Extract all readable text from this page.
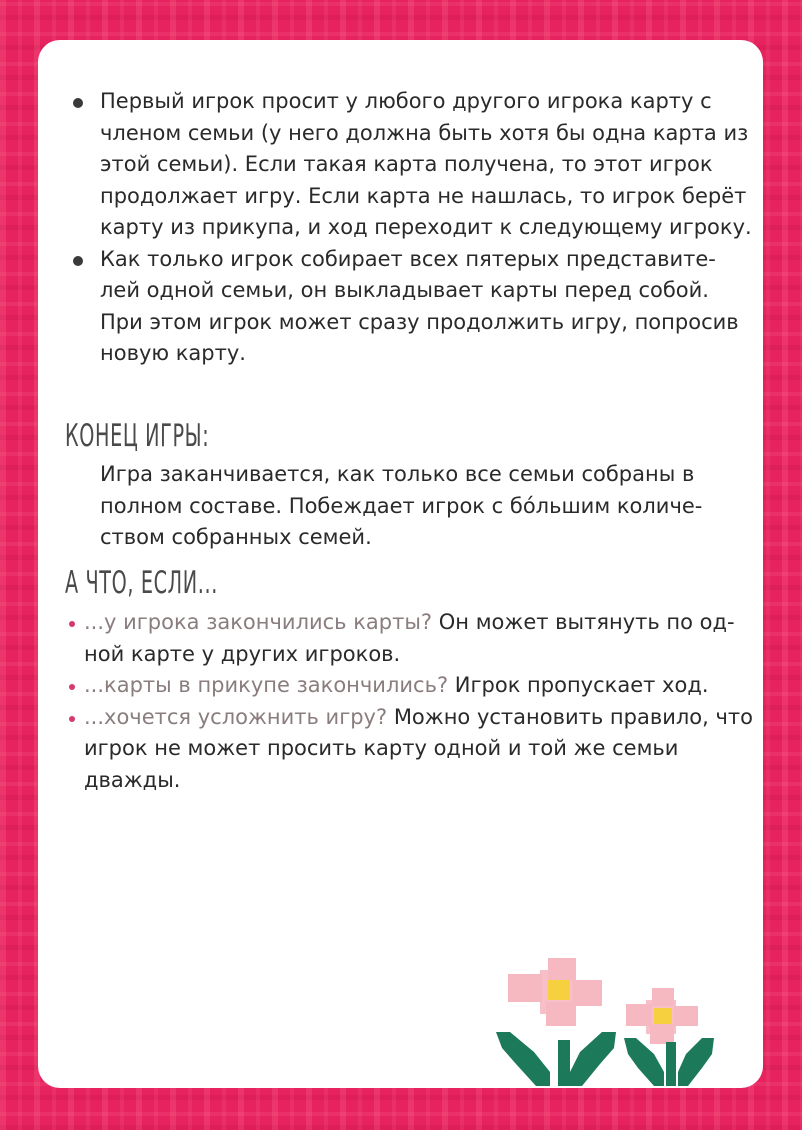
Первый игрок просит у любого другого игрока карту с членом семьи (у него должна быть хотя бы одна карта из этой семьи). Если такая карта получена, то этот игрок продолжает игру. Если карта не нашлась, то игрок берёт карту из прикупа, и ход переходит к следующему игроку.
Как только игрок собирает всех пятерых представите-лей одной семьи, он выкладывает карты перед собой. При этом игрок может сразу продолжить игру, попросив новую карту.
КОНЕЦ ИГРЫ:

Игра заканчивается, как только все семьи собраны в полном составе. Побеждает игрок с бóльшим количе-ством собранных семей.

А ЧТО, ЕСЛИ...
...у игрока закончились карты? Он может вытянуть по од-ной карте у других игроков.
...карты в прикупе закончились? Игрок пропускает ход.
...хочется усложнить игру? Можно установить правило, что игрок не может просить карту одной и той же семьи дважды.
